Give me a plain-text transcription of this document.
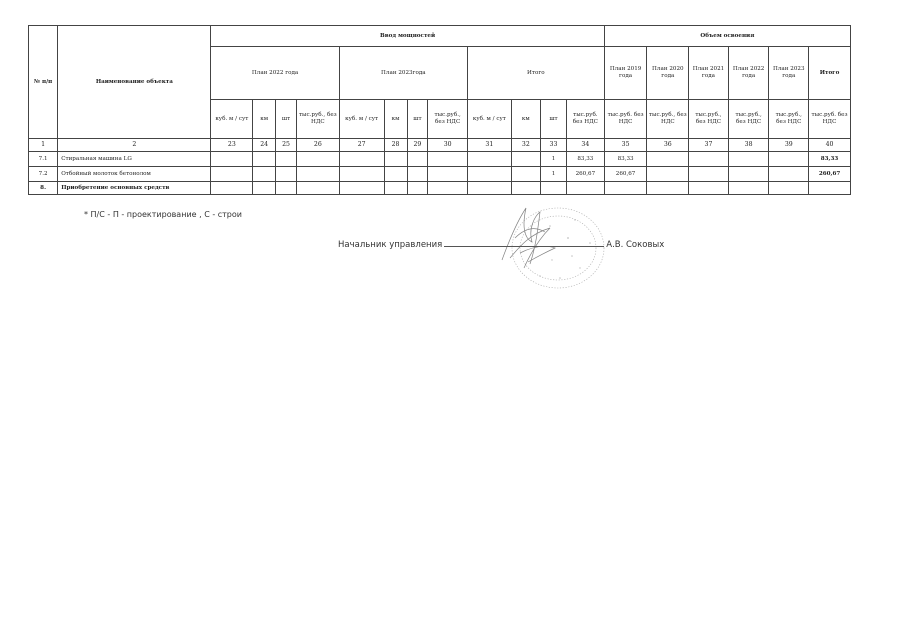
№ п/п	Наименование объекта	Ввод мощностей												Объем освоения					
		План 2022 года				План 2023года				Итого				План 2019 года	План 2020 года	План 2021 года	План 2022 года	План 2023 года	Итого
		куб. м / сут	км	шт	тыс.руб., без НДС	куб. м / сут	км	шт	тыс.руб., без НДС	куб. м / сут	км	шт	тыс.руб. без НДС	тыс.руб. без НДС	тыс.руб., без НДС	тыс.руб., без НДС	тыс.руб., без НДС	тыс.руб., без НДС	тыс.руб. без НДС
1	2	23	24	25	26	27	28	29	30	31	32	33	34	35	36	37	38	39	40
7.1	Стиральная машина LG											1	83,33	83,33					83,33
7.2	Отбойный молоток бетонолом											1	260,67	260,67					260,67
8.	Приобретение основных средств																		
* П/С - П - проектирование , С - строи
Начальник управления	А.В. Соковых
